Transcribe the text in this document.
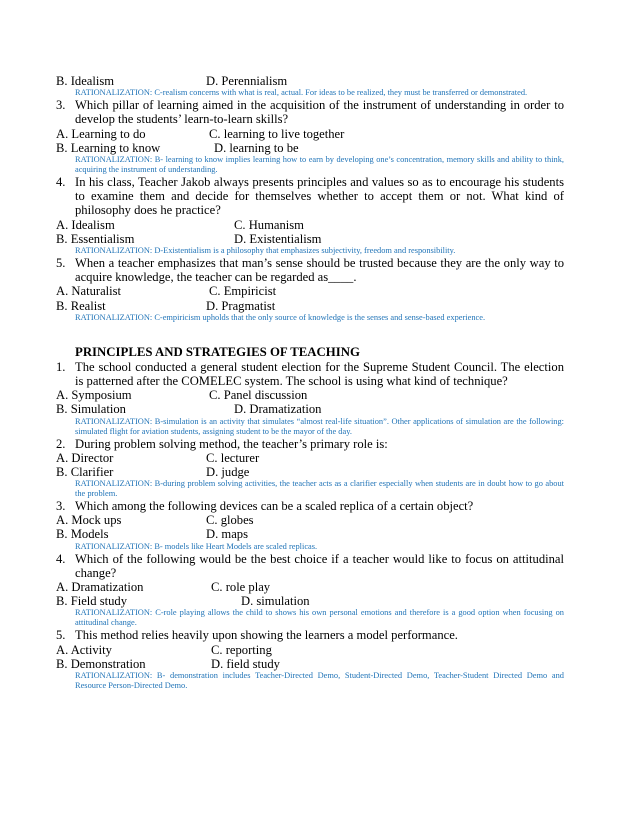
B. Idealism	D. Perennialism
RATIONALIZATION: C-realism concerns with what is real, actual. For ideas to be realized, they must be transferred or demonstrated.
3. Which pillar of learning aimed in the acquisition of the instrument of understanding in order to develop the students’ learn-to-learn skills?
A. Learning to do	C. learning to live together
B. Learning to know	D. learning to be
RATIONALIZATION: B- learning to know implies learning how to earn by developing one’s concentration, memory skills and ability to think, acquiring the instrument of understanding.
4. In his class, Teacher Jakob always presents principles and values so as to encourage his students to examine them and decide for themselves whether to accept them or not. What kind of philosophy does he practice?
A. Idealism	C. Humanism
B. Essentialism	D. Existentialism
RATIONALIZATION: D-Existentialism is a philosophy that emphasizes subjectivity, freedom and responsibility.
5. When a teacher emphasizes that man’s sense should be trusted because they are the only way to acquire knowledge, the teacher can be regarded as____.
A. Naturalist	C. Empiricist
B. Realist	D. Pragmatist
RATIONALIZATION: C-empiricism upholds that the only source of knowledge is the senses and sense-based experience.
PRINCIPLES AND STRATEGIES OF TEACHING
1. The school conducted a general student election for the Supreme Student Council. The election is patterned after the COMELEC system. The school is using what kind of technique?
A. Symposium	C. Panel discussion
B. Simulation	D. Dramatization
RATIONALIZATION: B-simulation is an activity that simulates “almost real-life situation”. Other applications of simulation are the following: simulated flight for aviation students, assigning student to be the mayor of the day.
2. During problem solving method, the teacher’s primary role is:
A. Director	C. lecturer
B. Clarifier	D. judge
RATIONALIZATION: B-during problem solving activities, the teacher acts as a clarifier especially when students are in doubt how to go about the problem.
3. Which among the following devices can be a scaled replica of a certain object?
A. Mock ups	C. globes
B. Models	D. maps
RATIONALIZATION: B- models like Heart Models are scaled replicas.
4. Which of the following would be the best choice if a teacher would like to focus on attitudinal change?
A. Dramatization	C. role play
B. Field study	D. simulation
RATIONALIZATION: C-role playing allows the child to shows his own personal emotions and therefore is a good option when focusing on attitudinal change.
5. This method relies heavily upon showing the learners a model performance.
A. Activity	C. reporting
B. Demonstration	D. field study
RATIONALIZATION: B- demonstration includes Teacher-Directed Demo, Student-Directed Demo, Teacher-Student Directed Demo and Resource Person-Directed Demo.
